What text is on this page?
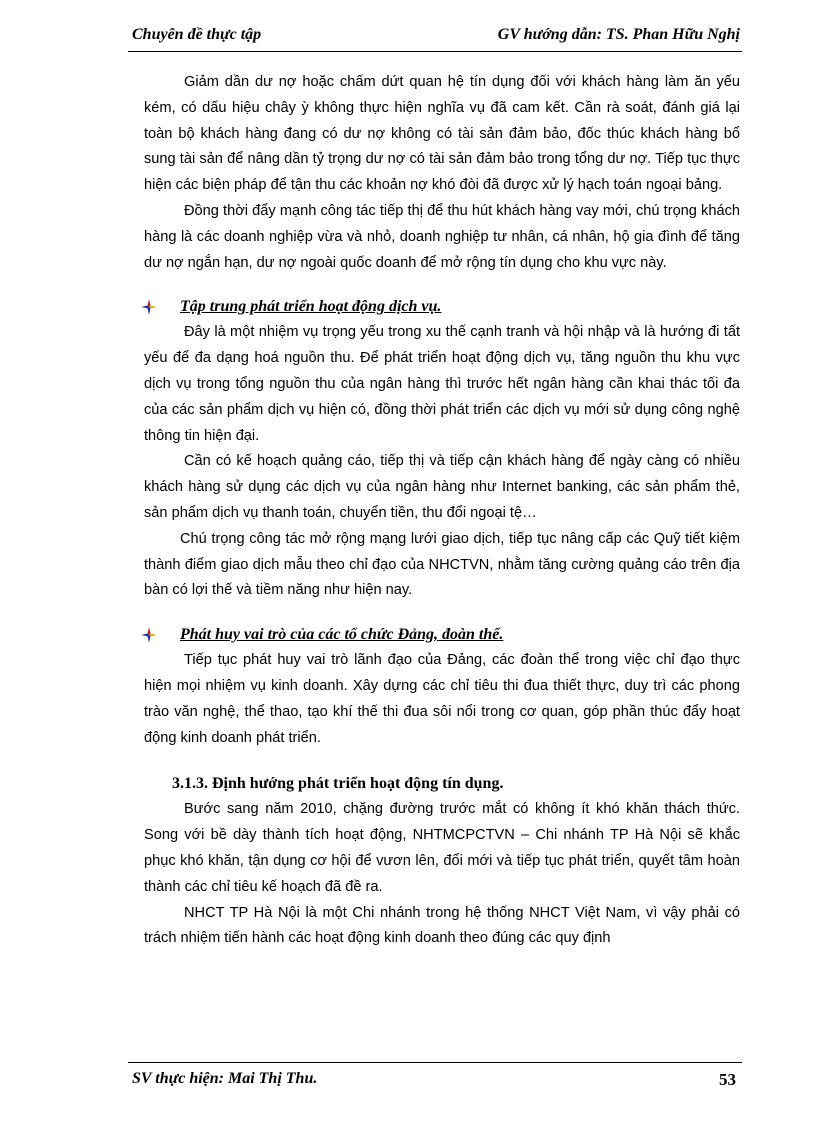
Chuyên đề thực tập	GV hướng dẫn: TS. Phan Hữu Nghị

Giảm dần dư nợ hoặc chấm dứt quan hệ tín dụng đối với khách hàng làm ăn yếu kém, có dấu hiệu chây ỳ không thực hiện nghĩa vụ đã cam kết. Cần rà soát, đánh giá lại toàn bộ khách hàng đang có dư nợ không có tài sản đảm bảo, đốc thúc khách hàng bổ sung tài sản để nâng dần tỷ trọng dư nợ có tài sản đảm bảo trong tổng dư nợ. Tiếp tục thực hiện các biện pháp để tận thu các khoản nợ khó đòi đã được xử lý hạch toán ngoại bảng.

Đồng thời đẩy mạnh công tác tiếp thị để thu hút khách hàng vay mới, chú trọng khách hàng là các doanh nghiệp vừa và nhỏ, doanh nghiệp tư nhân, cá nhân, hộ gia đình để tăng dư nợ ngắn hạn, dư nợ ngoài quốc doanh để mở rộng tín dụng cho khu vực này.

Tập trung phát triển hoạt động dịch vụ.

Đây là một nhiệm vụ trọng yếu trong xu thế cạnh tranh và hội nhập và là hướng đi tất yếu để đa dạng hoá nguồn thu. Để phát triển hoạt động dịch vụ, tăng nguồn thu khu vực dịch vụ trong tổng nguồn thu của ngân hàng thì trước hết ngân hàng cần khai thác tối đa của các sản phẩm dịch vụ hiện có, đồng thời phát triển các dịch vụ mới sử dụng công nghệ thông tin hiện đại.

Cần có kế hoạch quảng cáo, tiếp thị và tiếp cận khách hàng để ngày càng có nhiều khách hàng sử dụng các dịch vụ của ngân hàng như Internet banking, các sản phẩm thẻ, sản phẩm dịch vụ thanh toán, chuyển tiền, thu đổi ngoại tệ…

Chú trọng công tác mở rộng mạng lưới giao dịch, tiếp tục nâng cấp các Quỹ tiết kiệm thành điểm giao dịch mẫu theo chỉ đạo của NHCTVN, nhằm tăng cường quảng cáo trên địa bàn có lợi thế và tiềm năng như hiện nay.

Phát huy vai trò của các tổ chức Đảng, đoàn thể.

Tiếp tục phát huy vai trò lãnh đạo của Đảng, các đoàn thể trong việc chỉ đạo thực hiện mọi nhiệm vụ kinh doanh. Xây dựng các chỉ tiêu thi đua thiết thực, duy trì các phong trào văn nghệ, thể thao, tạo khí thế thi đua sôi nổi trong cơ quan, góp phần thúc đẩy hoạt động kinh doanh phát triển.

3.1.3. Định hướng phát triển hoạt động tín dụng.

Bước sang năm 2010, chặng đường trước mắt có không ít khó khăn thách thức. Song với bề dày thành tích hoạt động, NHTMCPCTVN – Chi nhánh TP Hà Nội sẽ khắc phục khó khăn, tận dụng cơ hội để vươn lên, đổi mới và tiếp tục phát triển, quyết tâm hoàn thành các chỉ tiêu kế hoạch đã đề ra.

NHCT TP Hà Nội là một Chi nhánh trong hệ thống NHCT Việt Nam, vì vậy phải có trách nhiệm tiến hành các hoạt động kinh doanh theo đúng các quy định

SV thực hiện: Mai Thị Thu.	53
